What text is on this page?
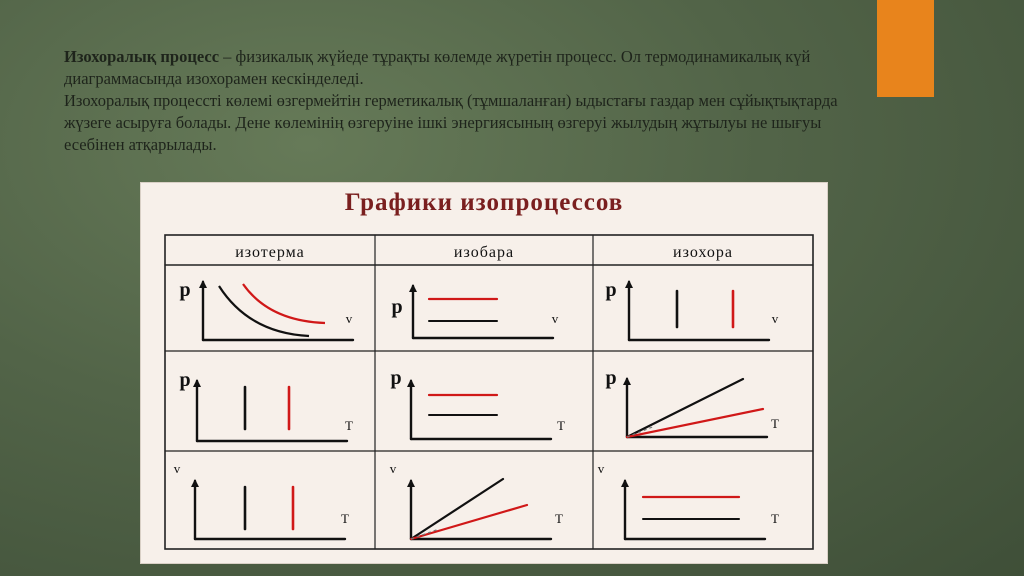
Изохоралық процесс – физикалық жүйеде тұрақты көлемде жүретін процесс. Ол термодинамикалық күй диаграммасында изохорамен кескінделеді.
Изохоралық процессті көлемі өзгермейтін герметикалық (тұмшаланған) ыдыстағы газдар мен сұйықтықтарда жүзеге асыруға болады. Дене көлемінің өзгеруіне ішкі энергиясының өзгеруі жылудың жұтылуы не шығуы есебінен атқарылады.
Графики изопроцессов
изотерма	изобара	изохора
p
v
p
v
p
v
p
T
p
T
p
T
v
T
v
T
v
T
